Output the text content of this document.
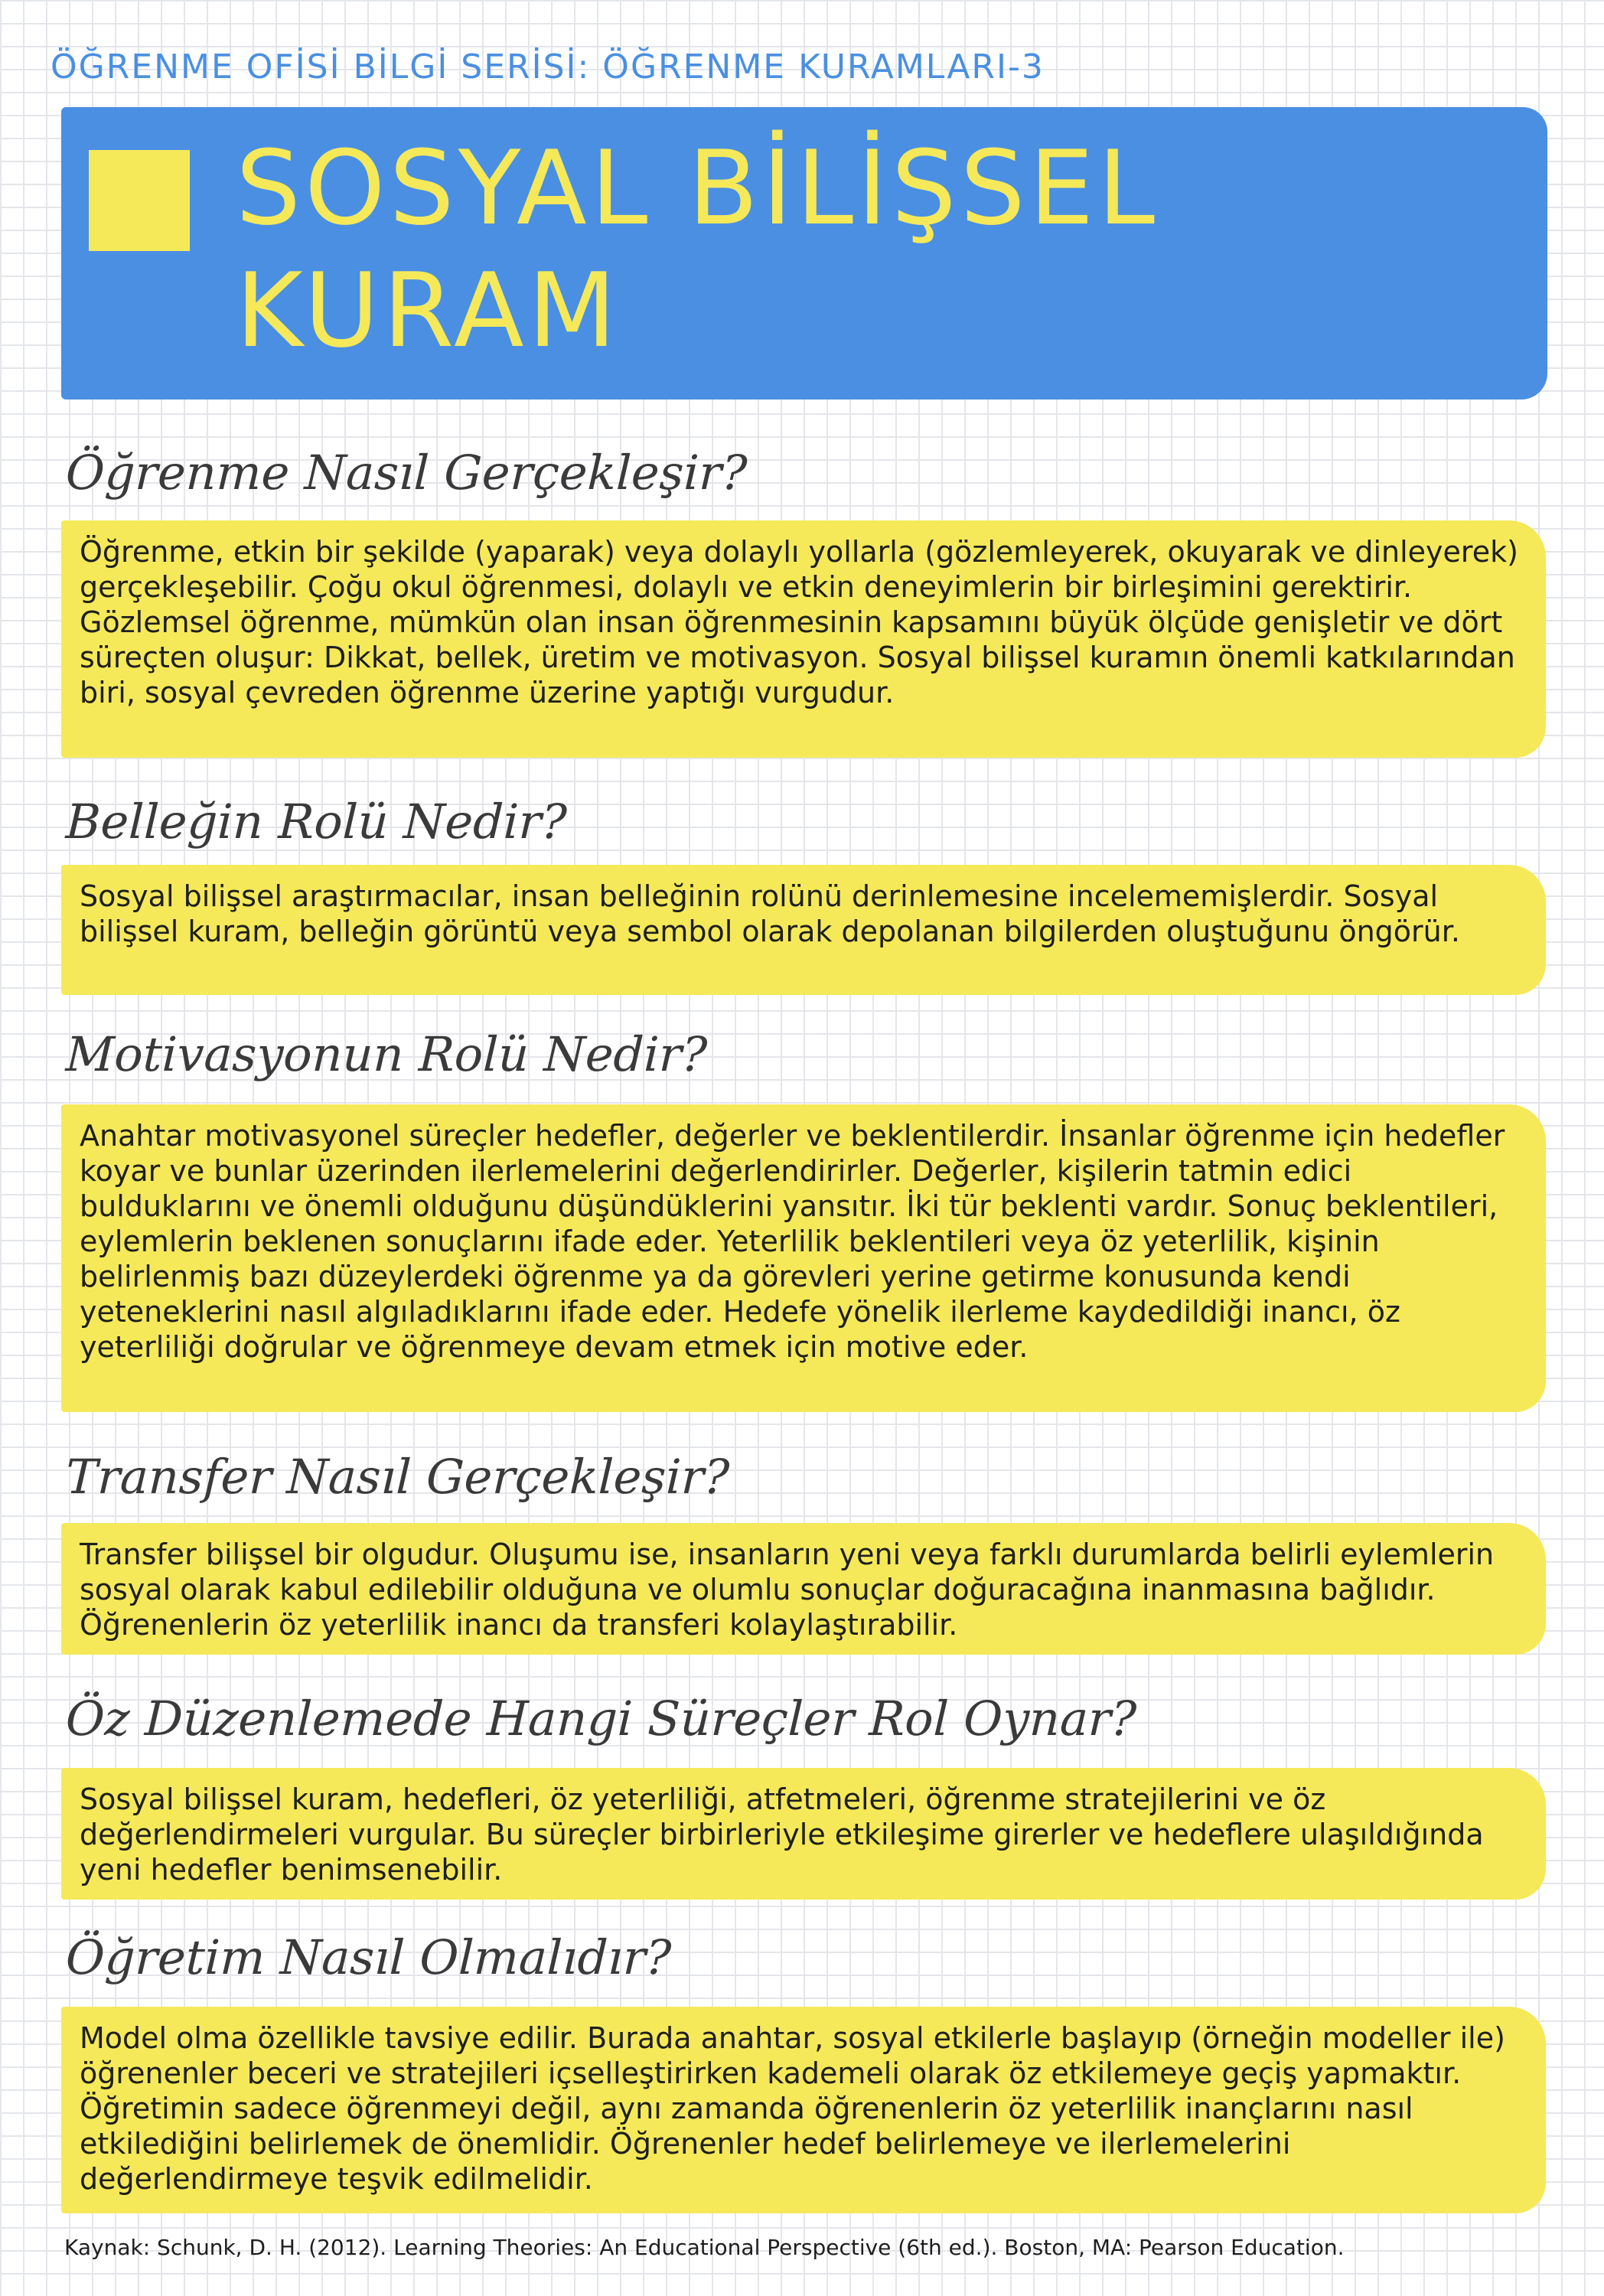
ÖĞRENME OFİSİ BİLGİ SERİSİ: ÖĞRENME KURAMLARI-3
SOSYAL BİLİŞSEL
KURAM
Öğrenme Nasıl Gerçekleşir?

Öğrenme, etkin bir şekilde (yaparak) veya dolaylı yollarla (gözlemleyerek, okuyarak ve dinleyerek) gerçekleşebilir. Çoğu okul öğrenmesi, dolaylı ve etkin deneyimlerin bir birleşimini gerektirir. Gözlemsel öğrenme, mümkün olan insan öğrenmesinin kapsamını büyük ölçüde genişletir ve dört süreçten oluşur: Dikkat, bellek, üretim ve motivasyon. Sosyal bilişsel kuramın önemli katkılarından biri, sosyal çevreden öğrenme üzerine yaptığı vurgudur.

Belleğin Rolü Nedir?

Sosyal bilişsel araştırmacılar, insan belleğinin rolünü derinlemesine incelememişlerdir. Sosyal bilişsel kuram, belleğin görüntü veya sembol olarak depolanan bilgilerden oluştuğunu öngörür.

Motivasyonun Rolü Nedir?

Anahtar motivasyonel süreçler hedefler, değerler ve beklentilerdir. İnsanlar öğrenme için hedefler koyar ve bunlar üzerinden ilerlemelerini değerlendirirler. Değerler, kişilerin tatmin edici bulduklarını ve önemli olduğunu düşündüklerini yansıtır. İki tür beklenti vardır. Sonuç beklentileri, eylemlerin beklenen sonuçlarını ifade eder. Yeterlilik beklentileri veya öz yeterlilik, kişinin belirlenmiş bazı düzeylerdeki öğrenme ya da görevleri yerine getirme konusunda kendi yeteneklerini nasıl algıladıklarını ifade eder. Hedefe yönelik ilerleme kaydedildiği inancı, öz yeterliliği doğrular ve öğrenmeye devam etmek için motive eder.

Transfer Nasıl Gerçekleşir?

Transfer bilişsel bir olgudur. Oluşumu ise, insanların yeni veya farklı durumlarda belirli eylemlerin sosyal olarak kabul edilebilir olduğuna ve olumlu sonuçlar doğuracağına inanmasına bağlıdır. Öğrenenlerin öz yeterlilik inancı da transferi kolaylaştırabilir.

Öz Düzenlemede Hangi Süreçler Rol Oynar?

Sosyal bilişsel kuram, hedefleri, öz yeterliliği, atfetmeleri, öğrenme stratejilerini ve öz değerlendirmeleri vurgular. Bu süreçler birbirleriyle etkileşime girerler ve hedeflere ulaşıldığında yeni hedefler benimsenebilir.

Öğretim Nasıl Olmalıdır?

Model olma özellikle tavsiye edilir. Burada anahtar, sosyal etkilerle başlayıp (örneğin modeller ile) öğrenenler beceri ve stratejileri içselleştirirken kademeli olarak öz etkilemeye geçiş yapmaktır. Öğretimin sadece öğrenmeyi değil, aynı zamanda öğrenenlerin öz yeterlilik inançlarını nasıl etkilediğini belirlemek de önemlidir. Öğrenenler hedef belirlemeye ve ilerlemelerini değerlendirmeye teşvik edilmelidir.

Kaynak: Schunk, D. H. (2012). Learning Theories: An Educational Perspective (6th ed.). Boston, MA: Pearson Education.
